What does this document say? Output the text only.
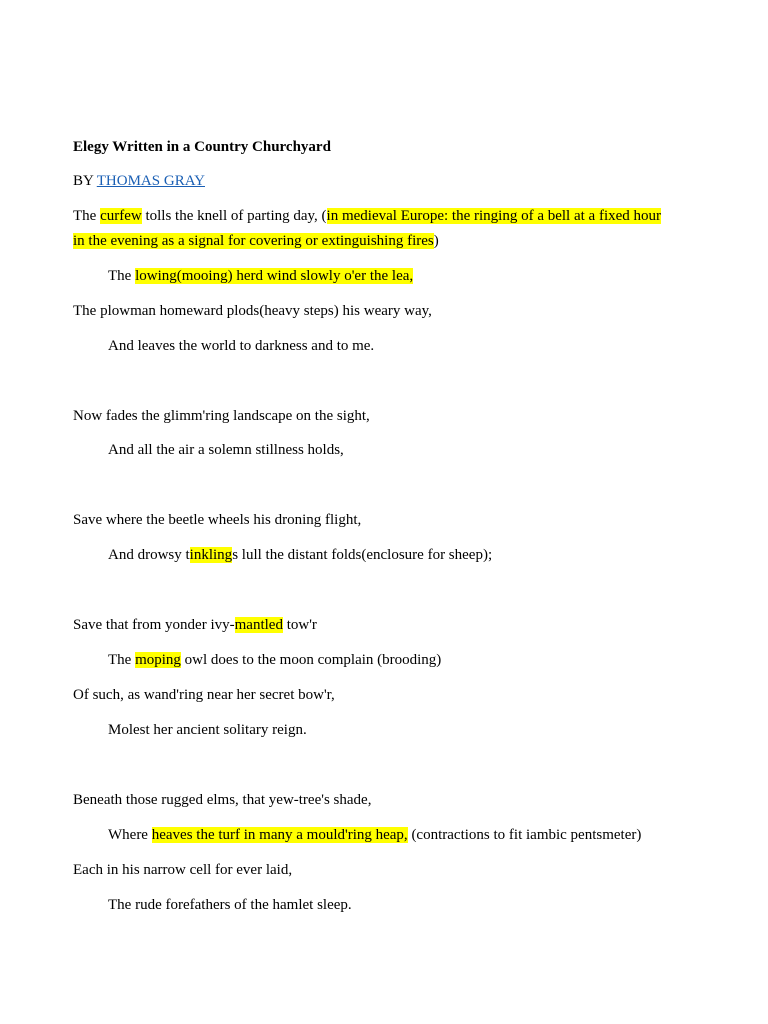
Elegy Written in a Country Churchyard
BY THOMAS GRAY
The curfew tolls the knell of parting day, (in medieval Europe: the ringing of a bell at a fixed hour
in the evening as a signal for covering or extinguishing fires)
The lowing(mooing) herd wind slowly o'er the lea,
The plowman homeward plods(heavy steps) his weary way,
And leaves the world to darkness and to me.
Now fades the glimm'ring landscape on the sight,
And all the air a solemn stillness holds,
Save where the beetle wheels his droning flight,
And drowsy tinklings lull the distant folds(enclosure for sheep);
Save that from yonder ivy-mantled tow'r
The moping owl does to the moon complain (brooding)
Of such, as wand'ring near her secret bow'r,
Molest her ancient solitary reign.
Beneath those rugged elms, that yew-tree's shade,
Where heaves the turf in many a mould'ring heap, (contractions to fit iambic pentsmeter)
Each in his narrow cell for ever laid,
The rude forefathers of the hamlet sleep.
